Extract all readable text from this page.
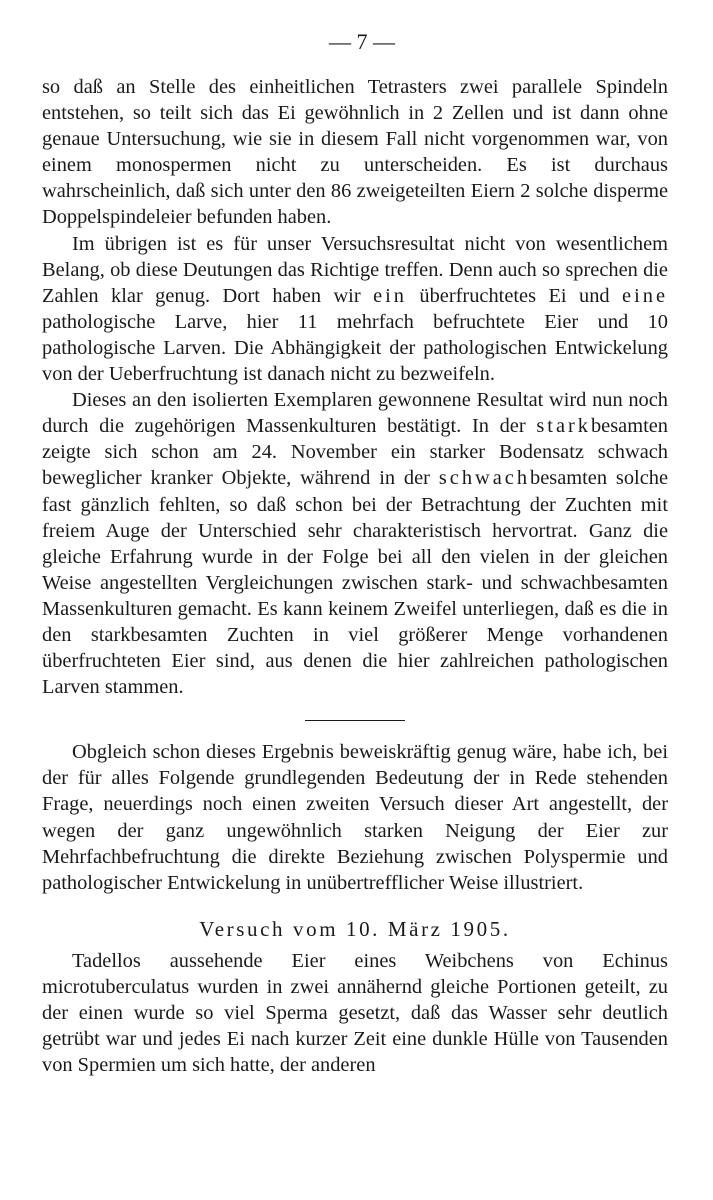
— 7 —

so daß an Stelle des einheitlichen Tetrasters zwei parallele Spindeln entstehen, so teilt sich das Ei gewöhnlich in 2 Zellen und ist dann ohne genaue Untersuchung, wie sie in diesem Fall nicht vorgenommen war, von einem monospermen nicht zu unterscheiden. Es ist durchaus wahrscheinlich, daß sich unter den 86 zweigeteilten Eiern 2 solche disperme Doppelspindeleier befunden haben.

Im übrigen ist es für unser Versuchsresultat nicht von wesentlichem Belang, ob diese Deutungen das Richtige treffen. Denn auch so sprechen die Zahlen klar genug. Dort haben wir ein überfruchtetes Ei und eine pathologische Larve, hier 11 mehrfach befruchtete Eier und 10 pathologische Larven. Die Abhängigkeit der pathologischen Entwickelung von der Ueberfruchtung ist danach nicht zu bezweifeln.

Dieses an den isolierten Exemplaren gewonnene Resultat wird nun noch durch die zugehörigen Massenkulturen bestätigt. In der starkbesamten zeigte sich schon am 24. November ein starker Bodensatz schwach beweglicher kranker Objekte, während in der schwachbesamten solche fast gänzlich fehlten, so daß schon bei der Betrachtung der Zuchten mit freiem Auge der Unterschied sehr charakteristisch hervortrat. Ganz die gleiche Erfahrung wurde in der Folge bei all den vielen in der gleichen Weise angestellten Vergleichungen zwischen stark- und schwachbesamten Massenkulturen gemacht. Es kann keinem Zweifel unterliegen, daß es die in den starkbesamten Zuchten in viel größerer Menge vorhandenen überfruchteten Eier sind, aus denen die hier zahlreichen pathologischen Larven stammen.

Obgleich schon dieses Ergebnis beweiskräftig genug wäre, habe ich, bei der für alles Folgende grundlegenden Bedeutung der in Rede stehenden Frage, neuerdings noch einen zweiten Versuch dieser Art angestellt, der wegen der ganz ungewöhnlich starken Neigung der Eier zur Mehrfachbefruchtung die direkte Beziehung zwischen Polyspermie und pathologischer Entwickelung in unübertrefflicher Weise illustriert.

Versuch vom 10. März 1905.

Tadellos aussehende Eier eines Weibchens von Echinus microtuberculatus wurden in zwei annähernd gleiche Portionen geteilt, zu der einen wurde so viel Sperma gesetzt, daß das Wasser sehr deutlich getrübt war und jedes Ei nach kurzer Zeit eine dunkle Hülle von Tausenden von Spermien um sich hatte, der anderen
